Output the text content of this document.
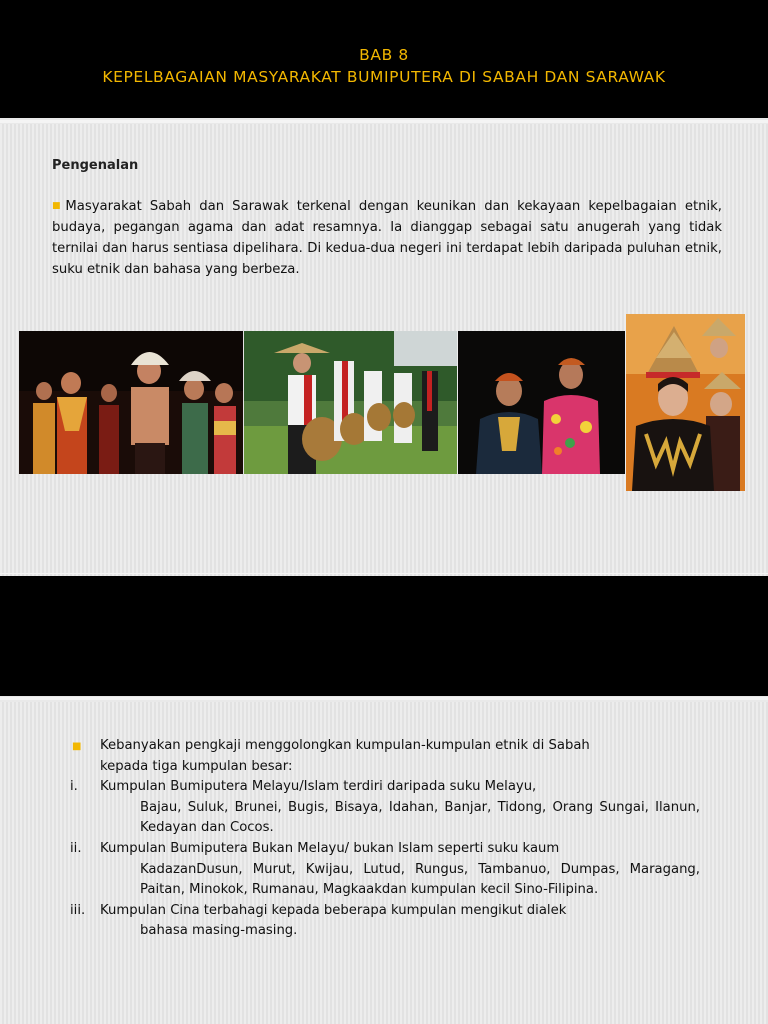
BAB 8
KEPELBAGAIAN MASYARAKAT BUMIPUTERA DI SABAH DAN SARAWAK
Pengenalan
■Masyarakat Sabah dan Sarawak terkenal dengan keunikan dan kekayaan kepelbagaian etnik, budaya, pegangan agama dan adat resamnya. Ia dianggap sebagai satu anugerah yang tidak ternilai dan harus sentiasa dipelihara. Di kedua-dua negeri ini terdapat lebih daripada puluhan etnik, suku etnik dan bahasa yang berbeza.
■ Kebanyakan pengkaji menggolongkan kumpulan-kumpulan etnik di Sabah
kepada tiga kumpulan besar:
i. Kumpulan Bumiputera Melayu/Islam terdiri daripada suku Melayu,
Bajau, Suluk, Brunei, Bugis, Bisaya, Idahan, Banjar, Tidong, Orang Sungai, Ilanun, Kedayan dan Cocos.
ii. Kumpulan Bumiputera Bukan Melayu/ bukan Islam seperti suku kaum
KadazanDusun, Murut, Kwijau, Lutud, Rungus, Tambanuo, Dumpas, Maragang, Paitan, Minokok, Rumanau, Magkaakdan kumpulan kecil Sino-Filipina.
iii. Kumpulan Cina terbahagi kepada beberapa kumpulan mengikut dialek
bahasa masing-masing.
